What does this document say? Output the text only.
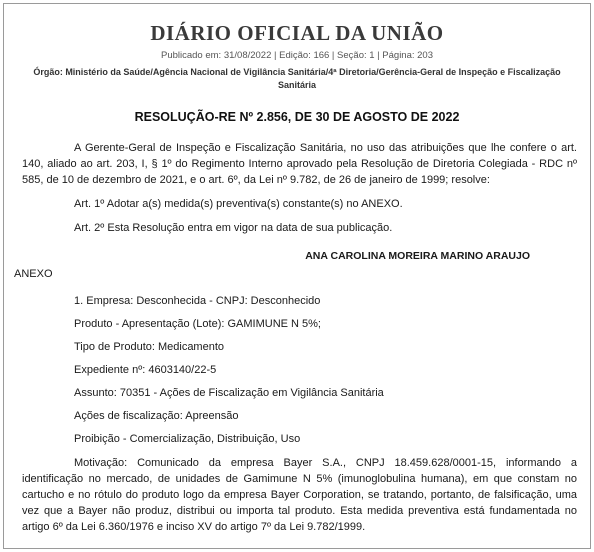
DIÁRIO OFICIAL DA UNIÃO
Publicado em: 31/08/2022 | Edição: 166 | Seção: 1 | Página: 203
Órgão: Ministério da Saúde/Agência Nacional de Vigilância Sanitária/4ª Diretoria/Gerência-Geral de Inspeção e Fiscalização Sanitária
RESOLUÇÃO-RE Nº 2.856, DE 30 DE AGOSTO DE 2022
A Gerente-Geral de Inspeção e Fiscalização Sanitária, no uso das atribuições que lhe confere o art. 140, aliado ao art. 203, I, § 1º do Regimento Interno aprovado pela Resolução de Diretoria Colegiada - RDC nº 585, de 10 de dezembro de 2021, e o art. 6º, da Lei nº 9.782, de 26 de janeiro de 1999; resolve:
Art. 1º Adotar a(s) medida(s) preventiva(s) constante(s) no ANEXO.
Art. 2º Esta Resolução entra em vigor na data de sua publicação.
ANA CAROLINA MOREIRA MARINO ARAUJO
ANEXO
1. Empresa: Desconhecida - CNPJ: Desconhecido
Produto - Apresentação (Lote): GAMIMUNE N 5%;
Tipo de Produto: Medicamento
Expediente nº: 4603140/22-5
Assunto: 70351 - Ações de Fiscalização em Vigilância Sanitária
Ações de fiscalização: Apreensão
Proibição - Comercialização, Distribuição, Uso
Motivação: Comunicado da empresa Bayer S.A., CNPJ 18.459.628/0001-15, informando a identificação no mercado, de unidades de Gamimune N 5% (imunoglobulina humana), em que constam no cartucho e no rótulo do produto logo da empresa Bayer Corporation, se tratando, portanto, de falsificação, uma vez que a Bayer não produz, distribui ou importa tal produto. Esta medida preventiva está fundamentada no artigo 6º da Lei 6.360/1976 e inciso XV do artigo 7º da Lei 9.782/1999.
